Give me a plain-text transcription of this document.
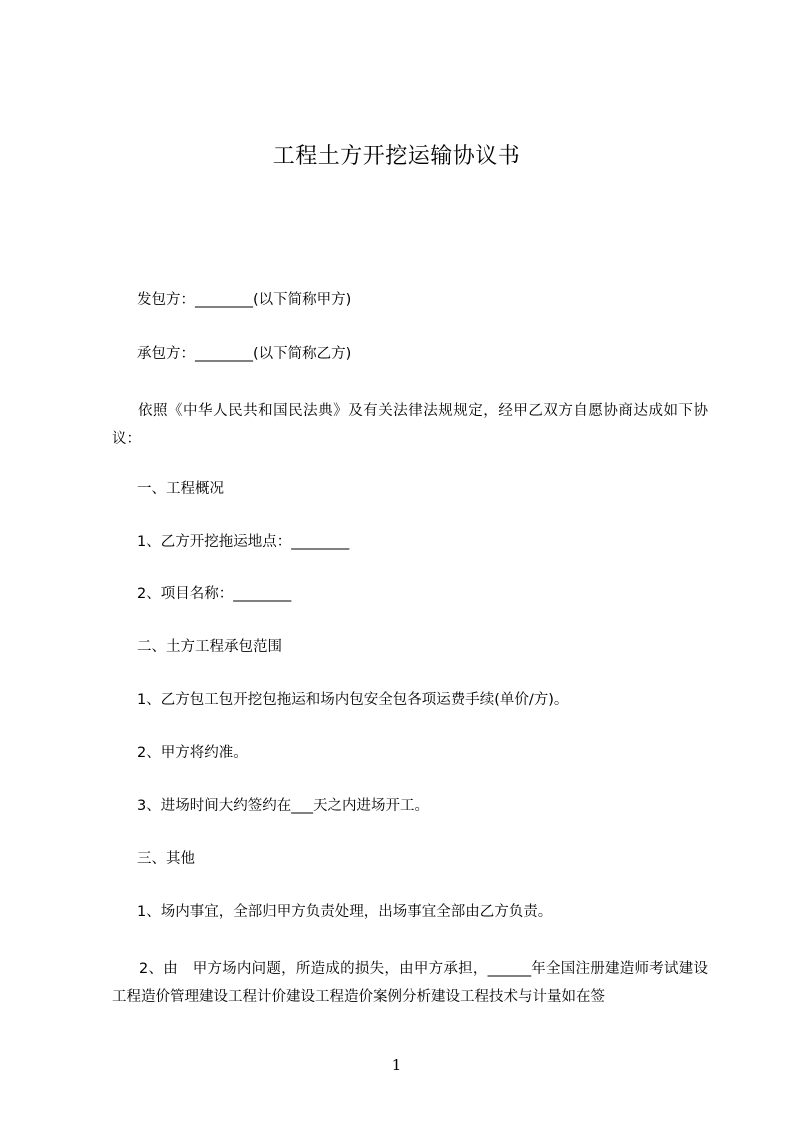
工程土方开挖运输协议书
发包方：________(以下简称甲方)
承包方：________(以下简称乙方)
依照《中华人民共和国民法典》及有关法律法规规定，经甲乙双方自愿协商达成如下协议：
一、工程概况
1、乙方开挖拖运地点：________
2、项目名称：________
二、土方工程承包范围
1、乙方包工包开挖包拖运和场内包安全包各项运费手续(单价/方)。
2、甲方将约准。
3、进场时间大约签约在___天之内进场开工。
三、其他
1、场内事宜，全部归甲方负责处理，出场事宜全部由乙方负责。
2、由　甲方场内问题，所造成的损失，由甲方承担，______年全国注册建造师考试建设工程造价管理建设工程计价建设工程造价案例分析建设工程技术与计量如在签
1
